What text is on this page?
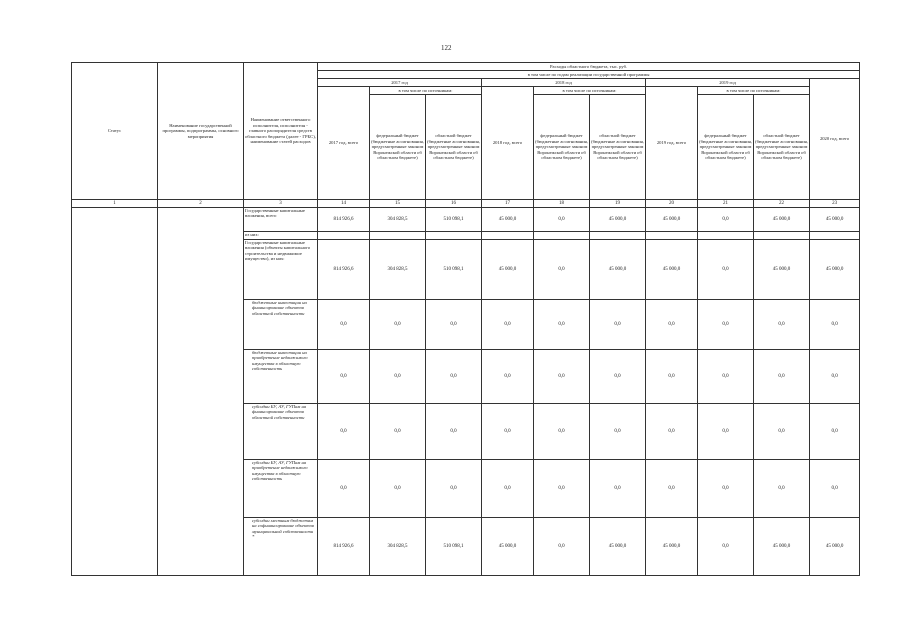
122
Статус	Наименование государственной программы, подпрограммы, основного мероприятия	Наименование ответственного исполнителя, исполнителя - главного распорядителя средств областного бюджета (далее - ГРБС), наименование статей расходов	Расходы областного бюджета, тыс. руб.									
			в том числе по годам реализации государственной программы									
			2017 год			2018 год			2019 год			2020 год, всего
			2017 год, всего	в том числе по источникам:		2018 год, всего	в том числе по источникам:		2019 год, всего	в том числе по источникам:		
				федеральный бюджет (бюджетные ассигнования, предусмотренные законом Воронежской области об областном бюджете)	областной бюджет (бюджетные ассигнования, предусмотренные законом Воронежской области об областном бюджете)		федеральный бюджет (бюджетные ассигнования, предусмотренные законом Воронежской области об областном бюджете)	областной бюджет (бюджетные ассигнования, предусмотренные законом Воронежской области об областном бюджете)		федеральный бюджет (бюджетные ассигнования, предусмотренные законом Воронежской области об областном бюджете)	областной бюджет (бюджетные ассигнования, предусмотренные законом Воронежской области об областном бюджете)	

1	2	3	14	15	16	17	18	19	20	21	22	23
		Государственные капитальные вложения, всего	814 926,6	304 828,5	510 098,1	45 000,0	0,0	45 000,0	45 000,0	0,0	45 000,0	45 000,0
		из них:										
		Государственные капитальные вложения (объекты капитального строительства и недвижимое имущество), из них:	814 926,6	304 828,5	510 098,1	45 000,0	0,0	45 000,0	45 000,0	0,0	45 000,0	45 000,0
		бюджетные инвестиции на финансирование объектов областной собственности	0,0	0,0	0,0	0,0	0,0	0,0	0,0	0,0	0,0	0,0
		бюджетные инвестиции на приобретение недвижимого имущества в областную собственность	0,0	0,0	0,0	0,0	0,0	0,0	0,0	0,0	0,0	0,0
		субсидии БУ, АУ, ГУПам на финансирование объектов областной собственности	0,0	0,0	0,0	0,0	0,0	0,0	0,0	0,0	0,0	0,0
		субсидии БУ, АУ, ГУПам на приобретение недвижимого имущества в областную собственность	0,0	0,0	0,0	0,0	0,0	0,0	0,0	0,0	0,0	0,0
		субсидии местным бюджетам на софинансирование объектов муниципальной собственности *	814 926,6	304 828,5	510 098,1	45 000,0	0,0	45 000,0	45 000,0	0,0	45 000,0	45 000,0
